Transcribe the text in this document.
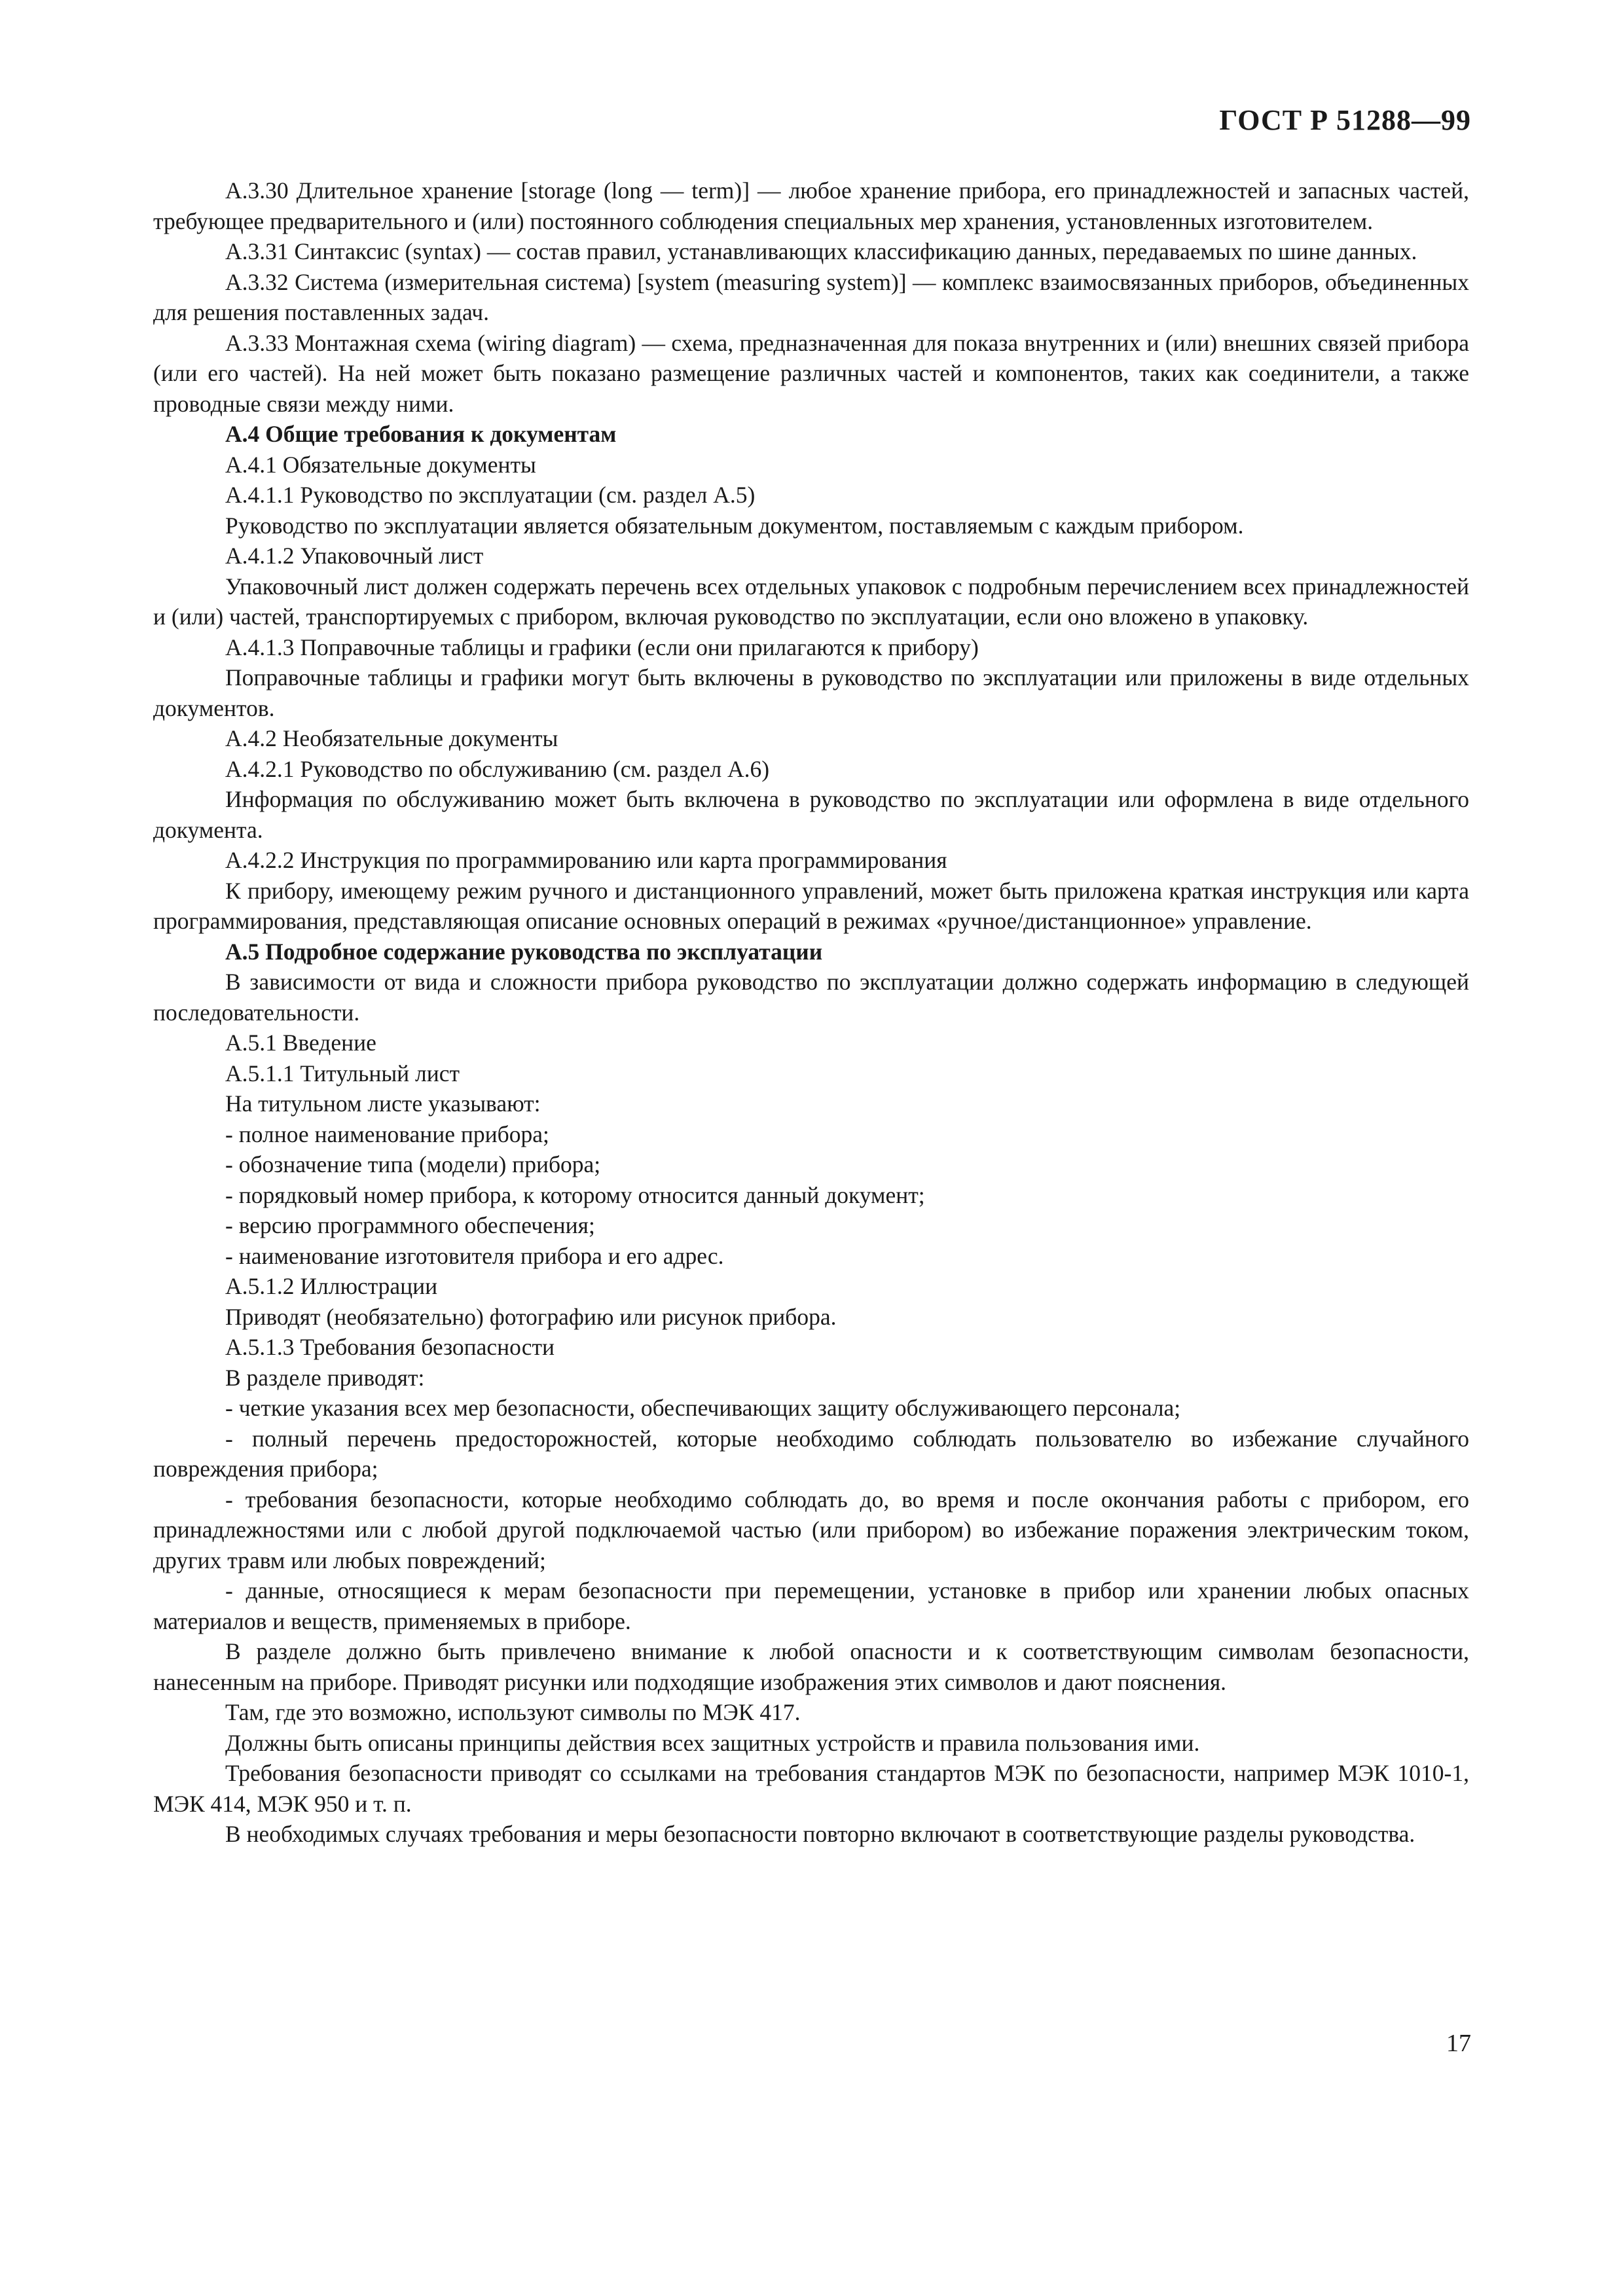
ГОСТ Р 51288—99

А.3.30 Длительное хранение [storage (long — term)] — любое хранение прибора, его принадлежностей и запасных частей, требующее предварительного и (или) постоянного соблюдения специальных мер хранения, установленных изготовителем.

А.3.31 Синтаксис (syntax) — состав правил, устанавливающих классификацию данных, передаваемых по шине данных.

А.3.32 Система (измерительная система) [system (measuring system)] — комплекс взаимосвязанных приборов, объединенных для решения поставленных задач.

А.3.33 Монтажная схема (wiring diagram) — схема, предназначенная для показа внутренних и (или) внешних связей прибора (или его частей). На ней может быть показано размещение различных частей и компонентов, таких как соединители, а также проводные связи между ними.

А.4 Общие требования к документам

А.4.1 Обязательные документы

А.4.1.1 Руководство по эксплуатации (см. раздел А.5)

Руководство по эксплуатации является обязательным документом, поставляемым с каждым прибором.

А.4.1.2 Упаковочный лист

Упаковочный лист должен содержать перечень всех отдельных упаковок с подробным перечислением всех принадлежностей и (или) частей, транспортируемых с прибором, включая руководство по эксплуатации, если оно вложено в упаковку.

А.4.1.3 Поправочные таблицы и графики (если они прилагаются к прибору)

Поправочные таблицы и графики могут быть включены в руководство по эксплуатации или приложены в виде отдельных документов.

А.4.2 Необязательные документы

А.4.2.1 Руководство по обслуживанию (см. раздел А.6)

Информация по обслуживанию может быть включена в руководство по эксплуатации или оформлена в виде отдельного документа.

А.4.2.2 Инструкция по программированию или карта программирования

К прибору, имеющему режим ручного и дистанционного управлений, может быть приложена краткая инструкция или карта программирования, представляющая описание основных операций в режимах «ручное/дистанционное» управление.

А.5 Подробное содержание руководства по эксплуатации

В зависимости от вида и сложности прибора руководство по эксплуатации должно содержать информацию в следующей последовательности.

А.5.1 Введение

А.5.1.1 Титульный лист

На титульном листе указывают:

- полное наименование прибора;

- обозначение типа (модели) прибора;

- порядковый номер прибора, к которому относится данный документ;

- версию программного обеспечения;

- наименование изготовителя прибора и его адрес.

А.5.1.2 Иллюстрации

Приводят (необязательно) фотографию или рисунок прибора.

А.5.1.3 Требования безопасности

В разделе приводят:

- четкие указания всех мер безопасности, обеспечивающих защиту обслуживающего персонала;

- полный перечень предосторожностей, которые необходимо соблюдать пользователю во избежание случайного повреждения прибора;

- требования безопасности, которые необходимо соблюдать до, во время и после окончания работы с прибором, его принадлежностями или с любой другой подключаемой частью (или прибором) во избежание поражения электрическим током, других травм или любых повреждений;

- данные, относящиеся к мерам безопасности при перемещении, установке в прибор или хранении любых опасных материалов и веществ, применяемых в приборе.

В разделе должно быть привлечено внимание к любой опасности и к соответствующим символам безопасности, нанесенным на приборе. Приводят рисунки или подходящие изображения этих символов и дают пояснения.

Там, где это возможно, используют символы по МЭК 417.

Должны быть описаны принципы действия всех защитных устройств и правила пользования ими.

Требования безопасности приводят со ссылками на требования стандартов МЭК по безопасности, например МЭК 1010-1, МЭК 414, МЭК 950 и т. п.

В необходимых случаях требования и меры безопасности повторно включают в соответствующие разделы руководства.

17
